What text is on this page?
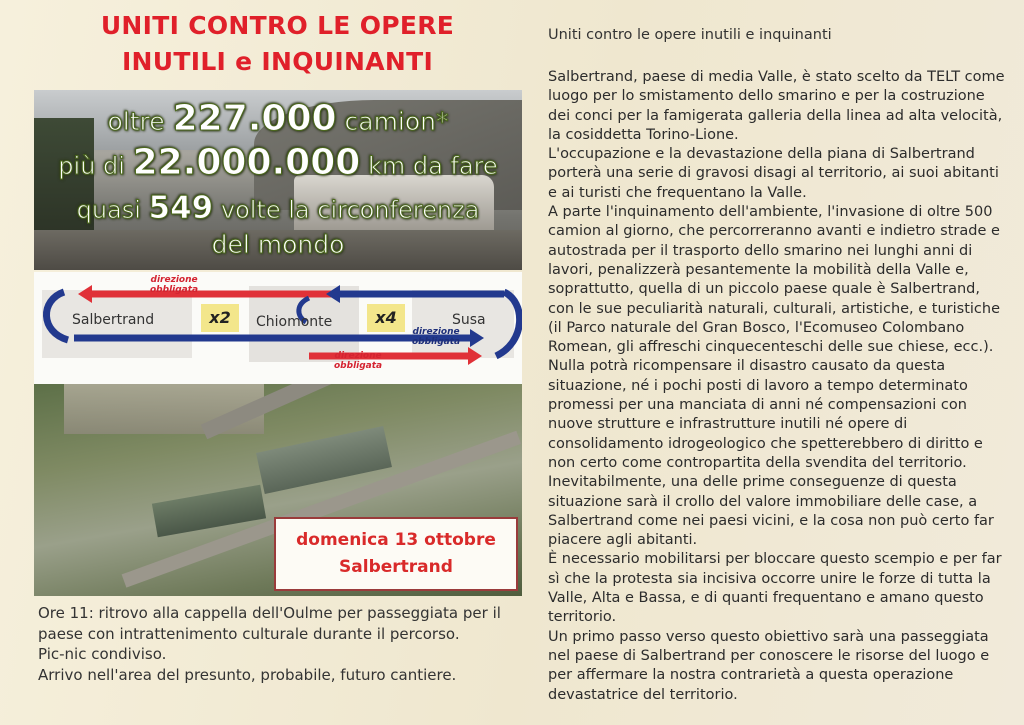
UNITI CONTRO LE OPERE
INUTILI e INQUINANTI
oltre 227.000 camion*
più di 22.000.000 km da fare
quasi 549 volte la circonferenza
del mondo
Salbertrand	x2	Chiomonte	x4	Susa
direzione
obbligata
direzione
obbligata
direzione
obbligata
domenica 13 ottobre
Salbertrand

Ore 11: ritrovo alla cappella dell'Oulme per passeggiata per il paese con intrattenimento culturale durante il percorso.

Pic-nic condiviso.

Arrivo nell'area del presunto, probabile, futuro cantiere.

Uniti contro le opere inutili e inquinanti

Salbertrand, paese di media Valle, è stato scelto da TELT come luogo per lo smistamento dello smarino e per la costruzione dei conci per la famigerata galleria della linea ad alta velocità, la cosiddetta Torino-Lione.

L'occupazione e la devastazione della piana di Salbertrand porterà una serie di gravosi disagi al territorio, ai suoi abitanti e ai turisti che frequentano la Valle.

A parte l'inquinamento dell'ambiente, l'invasione di oltre 500 camion al giorno, che percorreranno avanti e indietro strade e autostrada per il trasporto dello smarino nei lunghi anni di lavori, penalizzerà pesantemente la mobilità della Valle e, soprattutto, quella di un piccolo paese quale è Salbertrand, con le sue peculiarità naturali, culturali, artistiche, e turistiche (il Parco naturale del Gran Bosco, l'Ecomuseo Colombano Romean, gli affreschi cinquecenteschi delle sue chiese, ecc.).

Nulla potrà ricompensare il disastro causato da questa situazione, né i pochi posti di lavoro a tempo determinato promessi per una manciata di anni né compensazioni con nuove strutture e infrastrutture inutili né opere di consolidamento idrogeologico che spetterebbero di diritto e non certo come contropartita della svendita del territorio.

Inevitabilmente, una delle prime conseguenze di questa situazione sarà il crollo del valore immobiliare delle case, a Salbertrand come nei paesi vicini, e la cosa non può certo far piacere agli abitanti.

È necessario mobilitarsi per bloccare questo scempio e per far sì che la protesta sia incisiva occorre unire le forze di tutta la Valle, Alta e Bassa, e di quanti frequentano e amano questo territorio.

Un primo passo verso questo obiettivo sarà una passeggiata nel paese di Salbertrand per conoscere le risorse del luogo e per affermare la nostra contrarietà a questa operazione devastatrice del territorio.
